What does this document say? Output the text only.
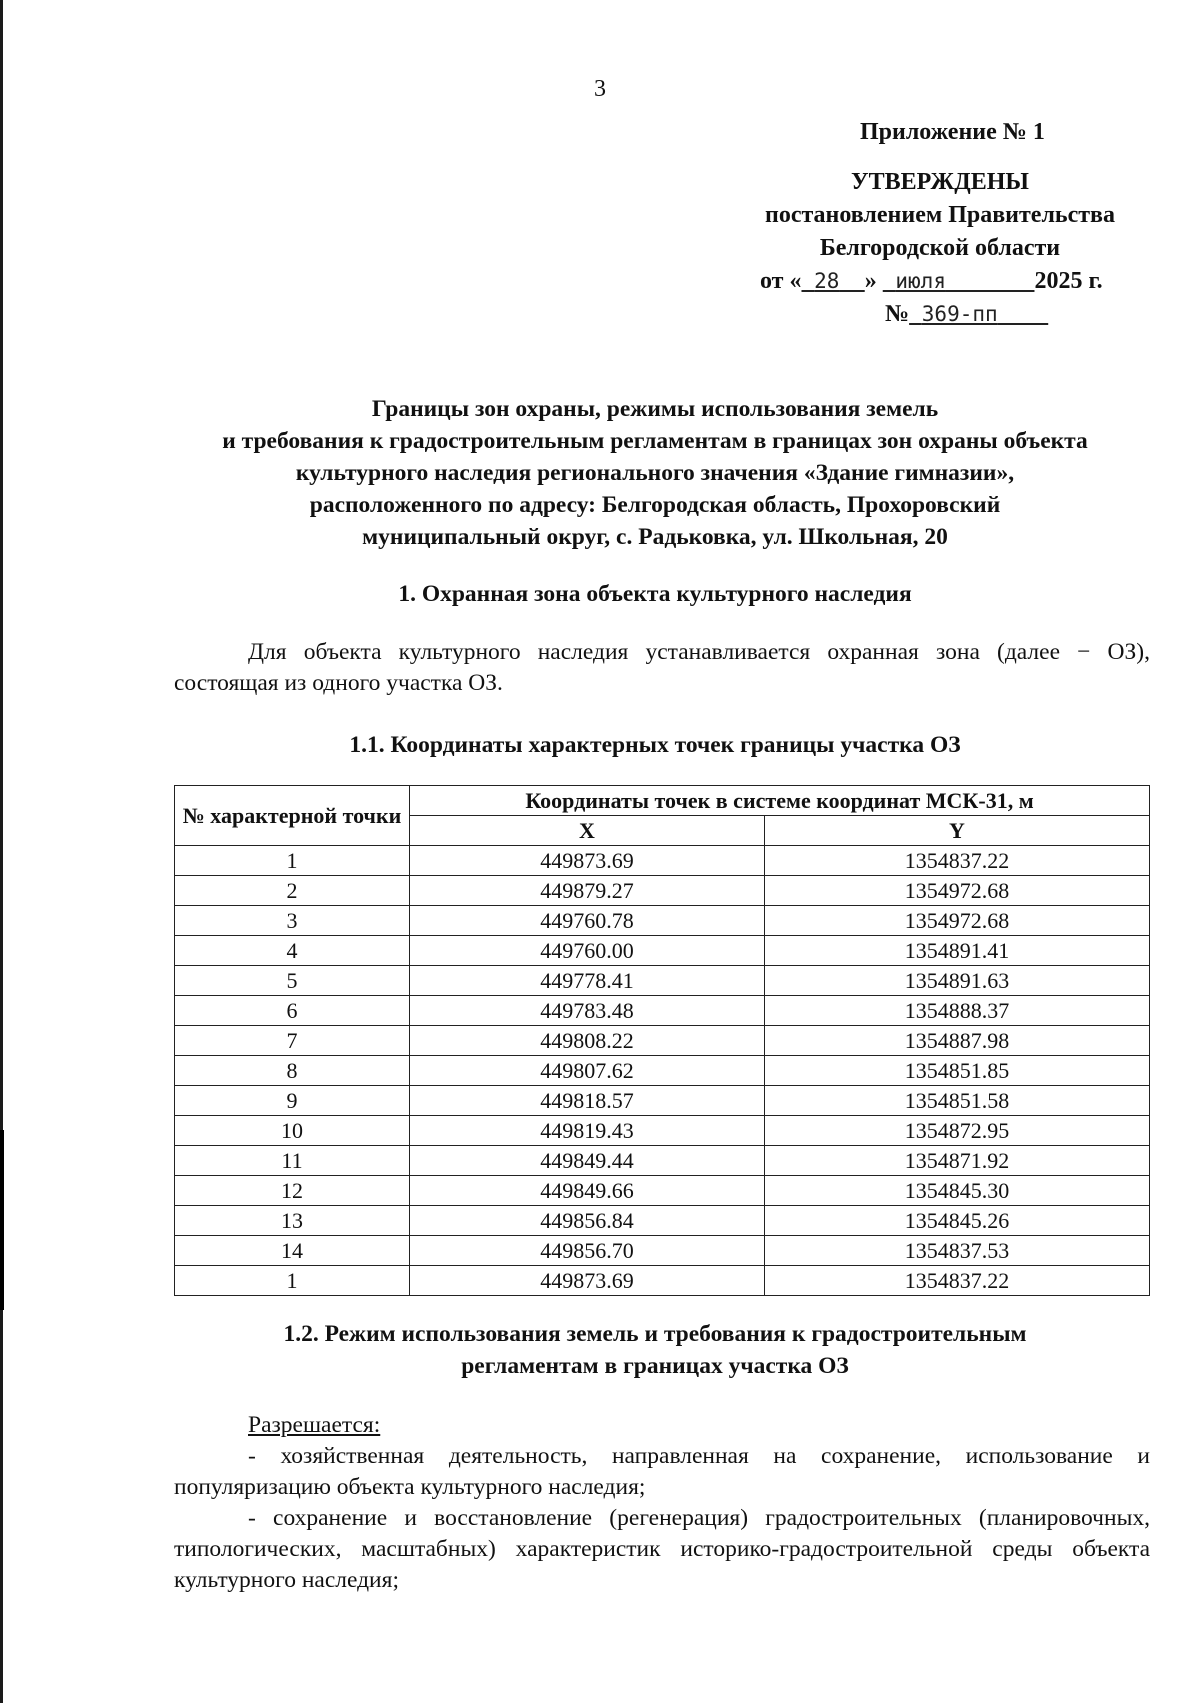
3
Приложение № 1
УТВЕРЖДЕНЫ
постановлением Правительства
Белгородской области
от « 28 » июля	2025 г.
№ 369-пп
Границы зон охраны, режимы использования земель
и требования к градостроительным регламентам в границах зон охраны объекта
культурного наследия регионального значения «Здание гимназии»,
расположенного по адресу: Белгородская область, Прохоровский
муниципальный округ, с. Радьковка, ул. Школьная, 20
1. Охранная зона объекта культурного наследия
Для объекта культурного наследия устанавливается охранная зона (далее − ОЗ), состоящая из одного участка ОЗ.
1.1. Координаты характерных точек границы участка ОЗ
№ характерной точки	Координаты точек в системе координат МСК-31, м	
	X	Y
1	449873.69	1354837.22
2	449879.27	1354972.68
3	449760.78	1354972.68
4	449760.00	1354891.41
5	449778.41	1354891.63
6	449783.48	1354888.37
7	449808.22	1354887.98
8	449807.62	1354851.85
9	449818.57	1354851.58
10	449819.43	1354872.95
11	449849.44	1354871.92
12	449849.66	1354845.30
13	449856.84	1354845.26
14	449856.70	1354837.53
1	449873.69	1354837.22
1.2. Режим использования земель и требования к градостроительным
регламентам в границах участка ОЗ

Разрешается:

- хозяйственная деятельность, направленная на сохранение, использование и популяризацию объекта культурного наследия;

- сохранение и восстановление (регенерация) градостроительных (планировочных, типологических, масштабных) характеристик историко-градостроительной среды объекта культурного наследия;
